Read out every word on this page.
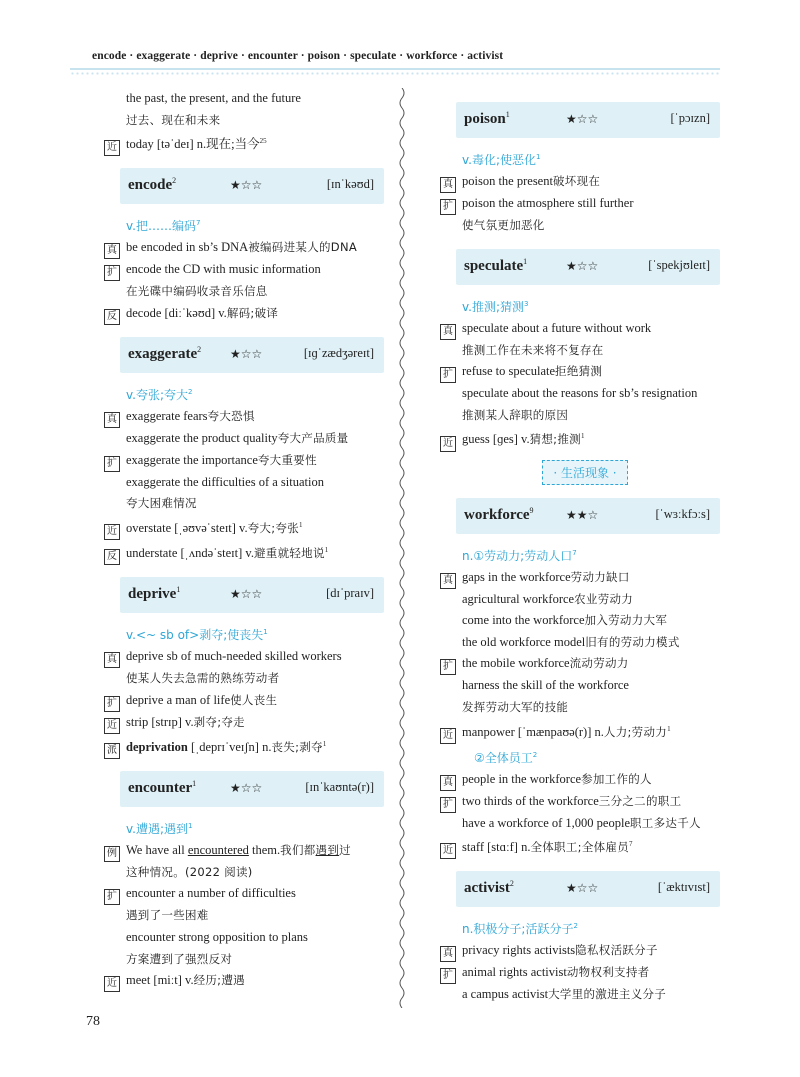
encode · exaggerate · deprive · encounter · poison · speculate · workforce · activist
the past, the present, and the future
过去、现在和未来
近 today [təˈdeɪ] n.现在;当今$^{25}$
encode$^2$	★☆☆	[ɪnˈkəʊd]
v.把……编码$^7$
真 be encoded in sb’s DNA被编码进某人的DNA
扩 encode the CD with music information
在光碟中编码收录音乐信息
反 decode [diːˈkəʊd] v.解码;破译
exaggerate$^2$ ★☆☆	[ɪɡˈzædʒəreɪt]
v.夸张;夸大$^2$
真 exaggerate fears夸大恐惧
exaggerate the product quality夸大产品质量
扩 exaggerate the importance夸大重要性
exaggerate the difficulties of a situation
夸大困难情况
近 overstate [ˌəʊvəˈsteɪt] v.夸大;夸张$^1$
反 understate [ˌʌndəˈsteɪt] v.避重就轻地说$^1$
deprive$^1$	★☆☆	[dɪˈpraɪv]
v.<~ sb of>剥夺;使丧失$^1$
真 deprive sb of much-needed skilled workers
使某人失去急需的熟练劳动者
扩 deprive a man of life使人丧生
近 strip [strɪp] v.剥夺;夺走
派 deprivation [ˌdeprɪˈveɪʃn] n.丧失;剥夺$^1$
encounter$^1$	★☆☆	[ɪnˈkaʊntə(r)]
v.遭遇;遇到$^1$
例 We have all encountered them.我们都遇到过
这种情况。(2022 阅读)
扩 encounter a number of difficulties
遇到了一些困难
encounter strong opposition to plans
方案遭到了强烈反对
近 meet [miːt] v.经历;遭遇
poison$^1$	★☆☆	[ˈpɔɪzn]
v.毒化;使恶化$^1$
真 poison the present破坏现在
扩 poison the atmosphere still further
使气氛更加恶化
speculate$^1$	★☆☆	[ˈspekjʊleɪt]
v.推测;猜测$^3$
真 speculate about a future without work
推测工作在未来将不复存在
扩 refuse to speculate拒绝猜测
speculate about the reasons for sb’s resignation
推测某人辞职的原因
近 guess [ɡes] v.猜想;推测$^1$
· 生活现象 ·
workforce$^9$	★★☆	[ˈwɜːkfɔːs]
n.①劳动力;劳动人口$^7$
真 gaps in the workforce劳动力缺口
agricultural workforce农业劳动力
come into the workforce加入劳动力大军
the old workforce model旧有的劳动力模式
扩 the mobile workforce流动劳动力
harness the skill of the workforce
发挥劳动大军的技能
近 manpower [ˈmænpaʊə(r)] n.人力;劳动力$^1$
②全体员工$^2$
真 people in the workforce参加工作的人
扩 two thirds of the workforce三分之二的职工
have a workforce of 1,000 people职工多达千人
近 staff [stɑːf] n.全体职工;全体雇员$^7$
activist$^2$	★☆☆	[ˈæktɪvɪst]
n.积极分子;活跃分子$^2$
真 privacy rights activists隐私权活跃分子
扩 animal rights activist动物权利支持者
a campus activist大学里的激进主义分子
78
